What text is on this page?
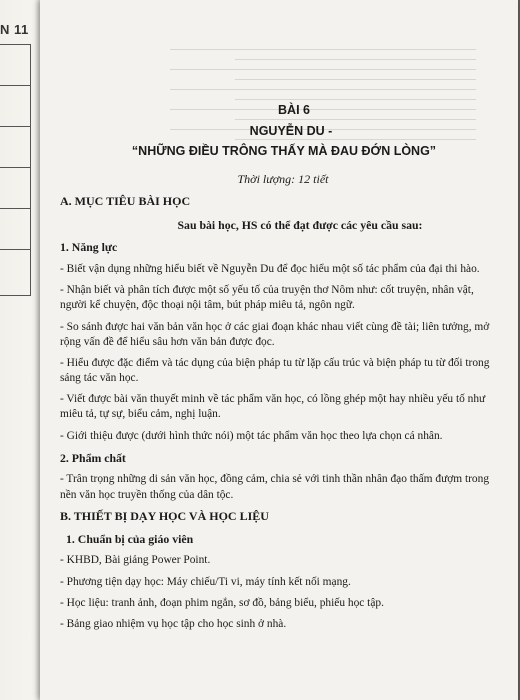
N 11
BÀI 6
NGUYỄN DU -
“NHỮNG ĐIỀU TRÔNG THẤY MÀ ĐAU ĐỚN LÒNG”
Thời lượng: 12 tiết
A. MỤC TIÊU BÀI HỌC
Sau bài học, HS có thể đạt được các yêu cầu sau:
1. Năng lực
- Biết vận dụng những hiểu biết về Nguyễn Du để đọc hiểu một số tác phẩm của đại thi hào.
- Nhận biết và phân tích được một số yếu tố của truyện thơ Nôm như: cốt truyện, nhân vật, người kể chuyện, độc thoại nội tâm, bút pháp miêu tả, ngôn ngữ.
- So sánh được hai văn bản văn học ở các giai đoạn khác nhau viết cùng đề tài; liên tưởng, mở rộng vấn đề để hiểu sâu hơn văn bản được đọc.
- Hiểu được đặc điểm và tác dụng của biện pháp tu từ lặp cấu trúc và biện pháp tu từ đối trong sáng tác văn học.
- Viết được bài văn thuyết minh về tác phẩm văn học, có lồng ghép một hay nhiều yếu tố như miêu tả, tự sự, biểu cảm, nghị luận.
- Giới thiệu được (dưới hình thức nói) một tác phẩm văn học theo lựa chọn cá nhân.
2. Phẩm chất
- Trân trọng những di sản văn học, đồng cảm, chia sẻ với tinh thần nhân đạo thấm đượm trong nền văn học truyền thống của dân tộc.
B. THIẾT BỊ DẠY HỌC VÀ HỌC LIỆU
1. Chuẩn bị của giáo viên
- KHBD, Bài giảng Power Point.
- Phương tiện dạy học: Máy chiếu/Ti vi, máy tính kết nối mạng.
- Học liệu: tranh ảnh, đoạn phim ngắn, sơ đồ, bảng biểu, phiếu học tập.
- Bảng giao nhiệm vụ học tập cho học sinh ở nhà.
